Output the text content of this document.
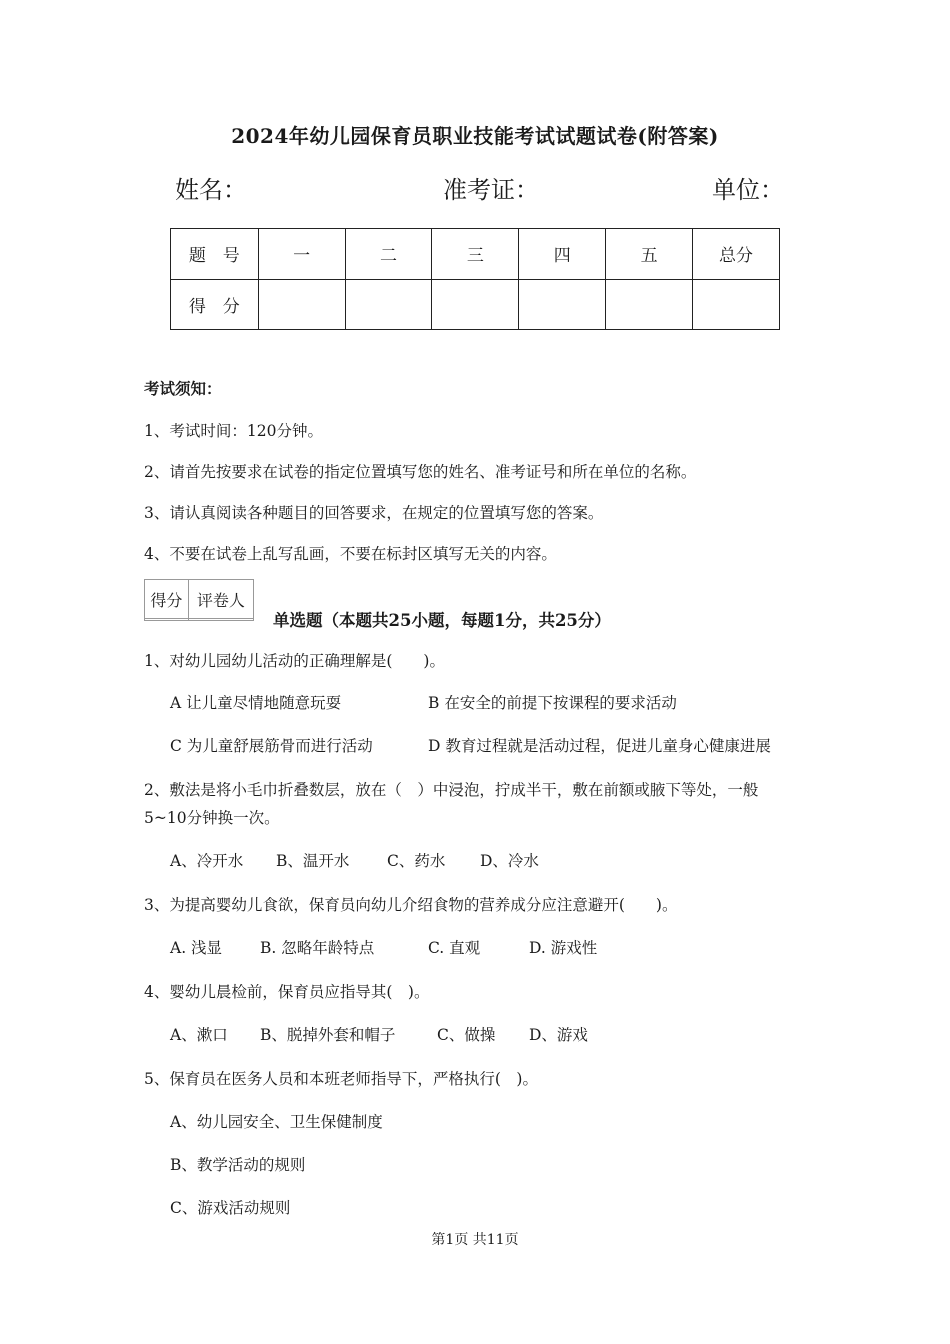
2024年幼儿园保育员职业技能考试试题试卷(附答案)
姓名：	准考证：	单位：
题　号	一	二	三	四	五	总分
得　分						
考试须知：
1、考试时间：120分钟。
2、请首先按要求在试卷的指定位置填写您的姓名、准考证号和所在单位的名称。
3、请认真阅读各种题目的回答要求，在规定的位置填写您的答案。
4、不要在试卷上乱写乱画，不要在标封区填写无关的内容。
得分	评卷人

单选题（本题共25小题，每题1分，共25分）
1、对幼儿园幼儿活动的正确理解是(　　)。
A 让儿童尽情地随意玩耍	B 在安全的前提下按课程的要求活动
C 为儿童舒展筋骨而进行活动	D 教育过程就是活动过程，促进儿童身心健康进展
2、敷法是将小毛巾折叠数层，放在（　）中浸泡，拧成半干，敷在前额或腋下等处，一般
5~10分钟换一次。
A、冷开水 B、温开水 C、药水 D、冷水
3、为提高婴幼儿食欲，保育员向幼儿介绍食物的营养成分应注意避开(　　)。
A. 浅显 B. 忽略年龄特点	C. 直观	D. 游戏性
4、婴幼儿晨检前，保育员应指导其(　)。
A、漱口 B、脱掉外套和帽子	C、做操 D、游戏
5、保育员在医务人员和本班老师指导下，严格执行(　)。
A、幼儿园安全、卫生保健制度
B、教学活动的规则
C、游戏活动规则
第1页 共11页
